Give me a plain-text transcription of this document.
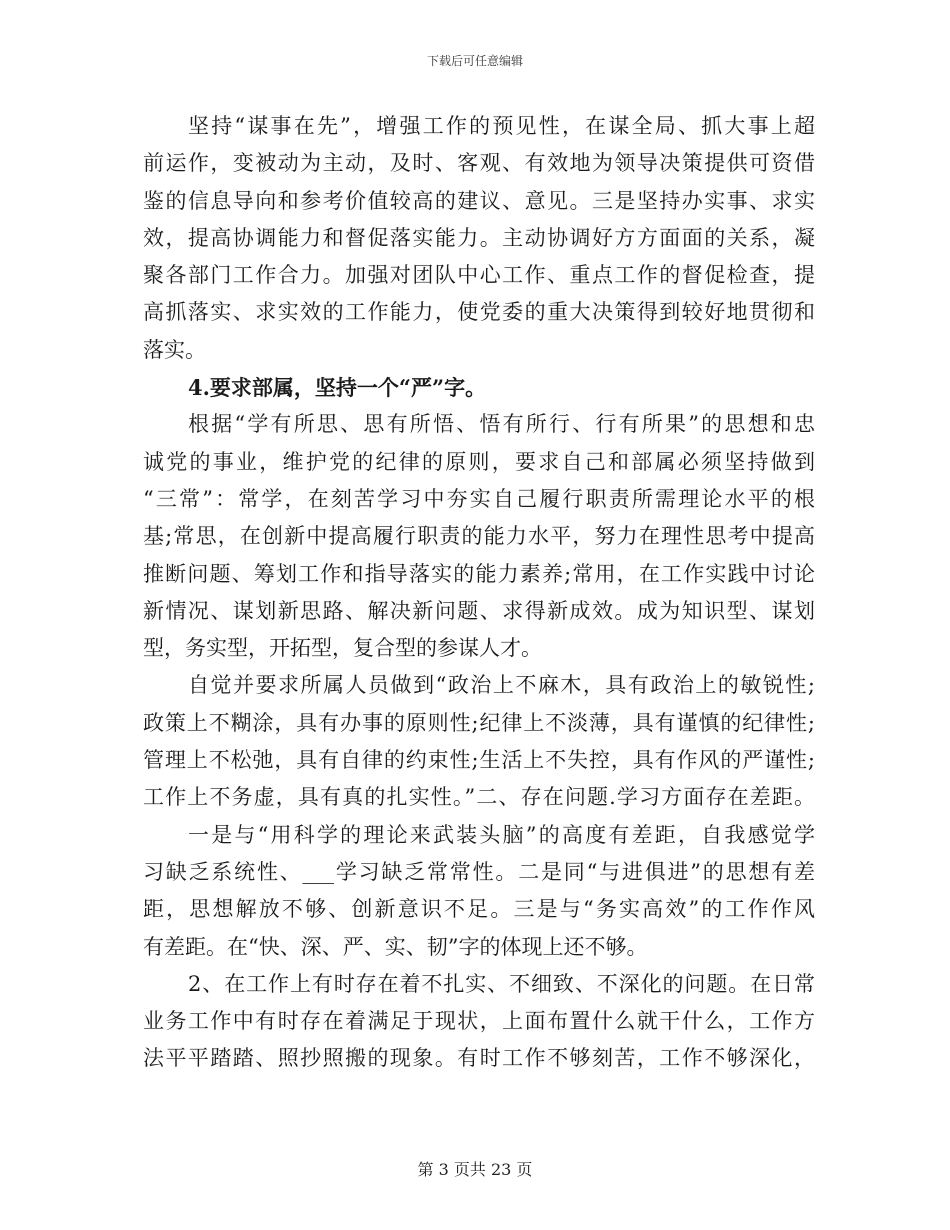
下载后可任意编辑
坚持“谋事在先”，增强工作的预见性，在谋全局、抓大事上超
前运作，变被动为主动，及时、客观、有效地为领导决策提供可资借
鉴的信息导向和参考价值较高的建议、意见。三是坚持办实事、求实
效，提高协调能力和督促落实能力。主动协调好方方面面的关系，凝
聚各部门工作合力。加强对团队中心工作、重点工作的督促检查，提
高抓落实、求实效的工作能力，使党委的重大决策得到较好地贯彻和
落实。
4.要求部属，坚持一个“严”字。
根据“学有所思、思有所悟、悟有所行、行有所果”的思想和忠
诚党的事业，维护党的纪律的原则，要求自己和部属必须坚持做到
“三常”：常学，在刻苦学习中夯实自己履行职责所需理论水平的根
基;常思，在创新中提高履行职责的能力水平，努力在理性思考中提高
推断问题、筹划工作和指导落实的能力素养;常用，在工作实践中讨论
新情况、谋划新思路、解决新问题、求得新成效。成为知识型、谋划
型，务实型，开拓型，复合型的参谋人才。
自觉并要求所属人员做到“政治上不麻木，具有政治上的敏锐性;
政策上不糊涂，具有办事的原则性;纪律上不淡薄，具有谨慎的纪律性;
管理上不松弛，具有自律的约束性;生活上不失控，具有作风的严谨性;
工作上不务虚，具有真的扎实性。”二、存在问题.学习方面存在差距。
一是与“用科学的理论来武装头脑”的高度有差距，自我感觉学
习缺乏系统性、___学习缺乏常常性。二是同“与进俱进”的思想有差
距，思想解放不够、创新意识不足。三是与“务实高效”的工作作风
有差距。在“快、深、严、实、韧”字的体现上还不够。
2、在工作上有时存在着不扎实、不细致、不深化的问题。在日常
业务工作中有时存在着满足于现状，上面布置什么就干什么，工作方
法平平踏踏、照抄照搬的现象。有时工作不够刻苦，工作不够深化，
第 3 页共 23 页
